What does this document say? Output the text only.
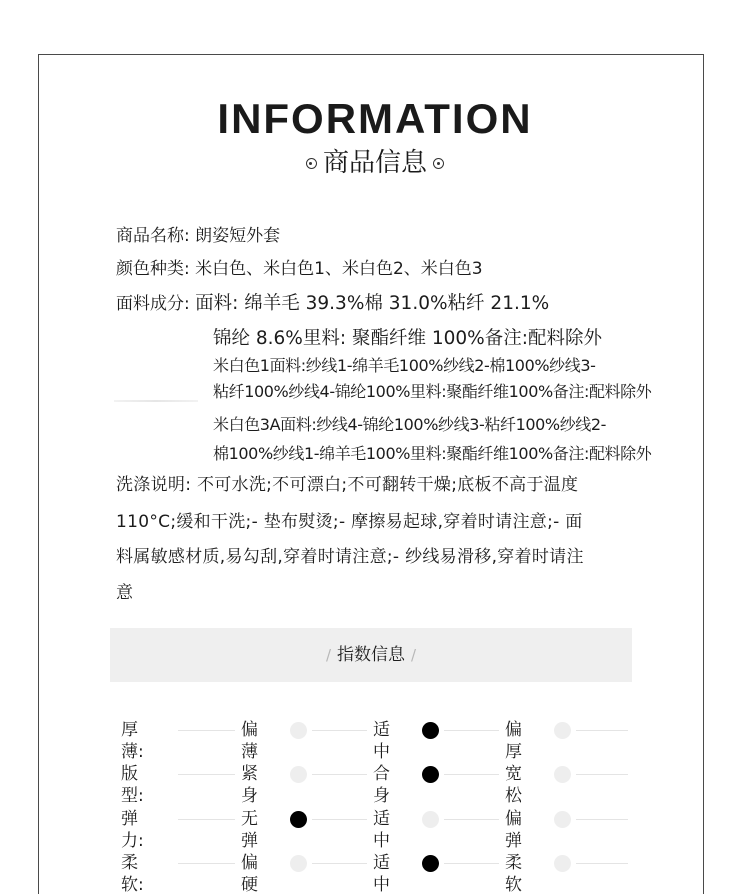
INFORMATION
商品信息
商品名称: 朗姿短外套
颜色种类: 米白色、米白色1、米白色2、米白色3
面料成分: 面料: 绵羊毛 39.3%棉 31.0%粘纤 21.1%
锦纶 8.6%里料: 聚酯纤维 100%备注:配料除外
米白色1面料:纱线1-绵羊毛100%纱线2-棉100%纱线3-
粘纤100%纱线4-锦纶100%里料:聚酯纤维100%备注:配料除外
米白色3A面料:纱线4-锦纶100%纱线3-粘纤100%纱线2-
棉100%纱线1-绵羊毛100%里料:聚酯纤维100%备注:配料除外
洗涤说明: 不可水洗;不可漂白;不可翻转干燥;底板不高于温度
110°C;缓和干洗;- 垫布熨烫;- 摩擦易起球,穿着时请注意;- 面
料属敏感材质,易勾刮,穿着时请注意;- 纱线易滑移,穿着时请注
意
/ 指数信息 /
厚薄:
偏薄
适中
偏厚
版型:
紧身
合身
宽松
弹力:
无弹
适中
偏弹
柔软:
偏硬
适中
柔软
